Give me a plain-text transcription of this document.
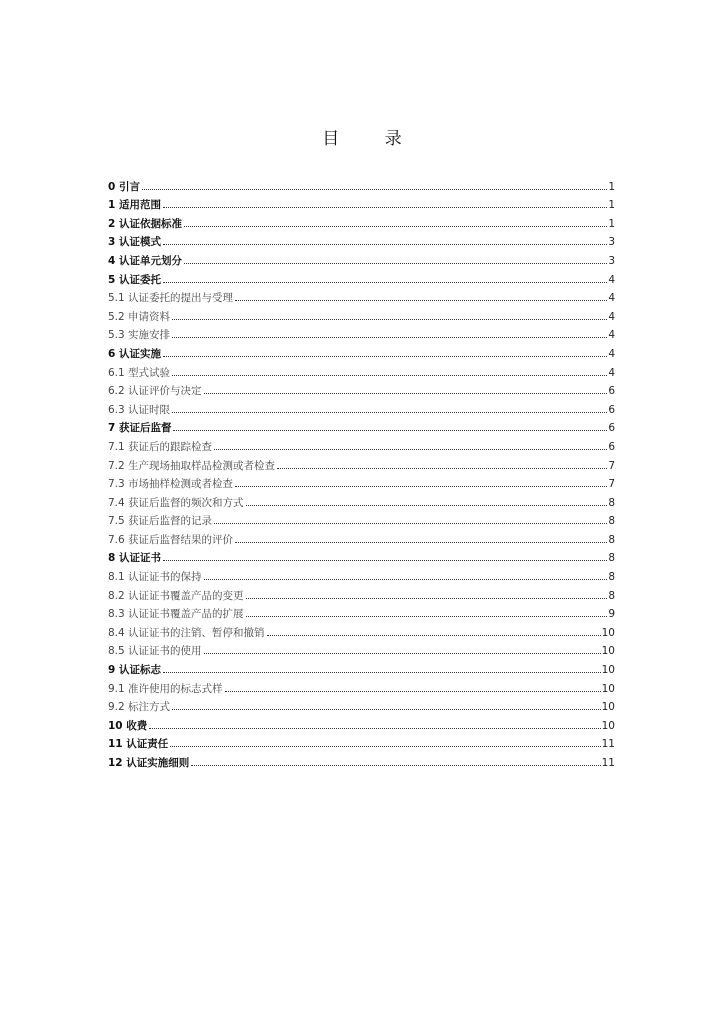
目 录
0 引言	1
1 适用范围	1
2 认证依据标准	1
3 认证模式	3
4 认证单元划分	3
5 认证委托	4
5.1 认证委托的提出与受理	4
5.2 申请资料	4
5.3 实施安排	4
6 认证实施	4
6.1 型式试验	4
6.2 认证评价与决定	6
6.3 认证时限	6
7 获证后监督	6
7.1 获证后的跟踪检查	6
7.2 生产现场抽取样品检测或者检查	7
7.3 市场抽样检测或者检查	7
7.4 获证后监督的频次和方式	8
7.5 获证后监督的记录	8
7.6 获证后监督结果的评价	8
8 认证证书	8
8.1 认证证书的保持	8
8.2 认证证书覆盖产品的变更	8
8.3 认证证书覆盖产品的扩展	9
8.4 认证证书的注销、暂停和撤销	10
8.5 认证证书的使用	10
9 认证标志	10
9.1 准许使用的标志式样	10
9.2 标注方式	10
10 收费	10
11 认证责任	11
12 认证实施细则	11
